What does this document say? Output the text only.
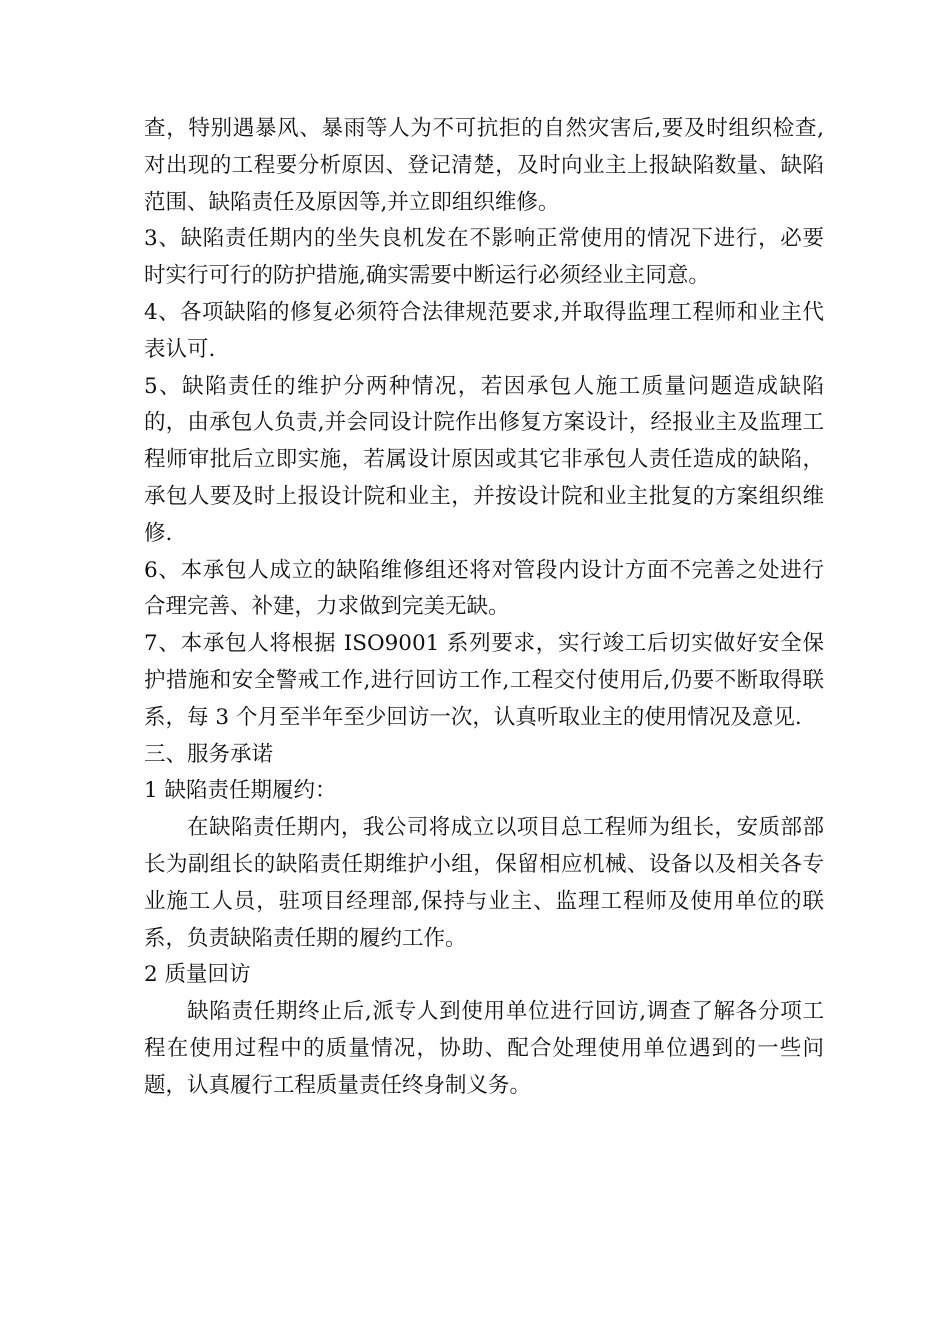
查，特别遇暴风、暴雨等人为不可抗拒的自然灾害后,要及时组织检查,对出现的工程要分析原因、登记清楚，及时向业主上报缺陷数量、缺陷范围、缺陷责任及原因等,并立即组织维修。

3、缺陷责任期内的坐失良机发在不影响正常使用的情况下进行，必要时实行可行的防护措施,确实需要中断运行必须经业主同意。

4、各项缺陷的修复必须符合法律规范要求,并取得监理工程师和业主代表认可.

5、缺陷责任的维护分两种情况，若因承包人施工质量问题造成缺陷的，由承包人负责,并会同设计院作出修复方案设计，经报业主及监理工程师审批后立即实施，若属设计原因或其它非承包人责任造成的缺陷，承包人要及时上报设计院和业主，并按设计院和业主批复的方案组织维修.

6、本承包人成立的缺陷维修组还将对管段内设计方面不完善之处进行合理完善、补建，力求做到完美无缺。

7、本承包人将根据 ISO9001 系列要求，实行竣工后切实做好安全保护措施和安全警戒工作,进行回访工作,工程交付使用后,仍要不断取得联系，每 3 个月至半年至少回访一次，认真听取业主的使用情况及意见.

三、服务承诺

1 缺陷责任期履约：

在缺陷责任期内，我公司将成立以项目总工程师为组长，安质部部长为副组长的缺陷责任期维护小组，保留相应机械、设备以及相关各专业施工人员，驻项目经理部,保持与业主、监理工程师及使用单位的联系，负责缺陷责任期的履约工作。

2 质量回访

缺陷责任期终止后,派专人到使用单位进行回访,调查了解各分项工程在使用过程中的质量情况，协助、配合处理使用单位遇到的一些问题，认真履行工程质量责任终身制义务。
